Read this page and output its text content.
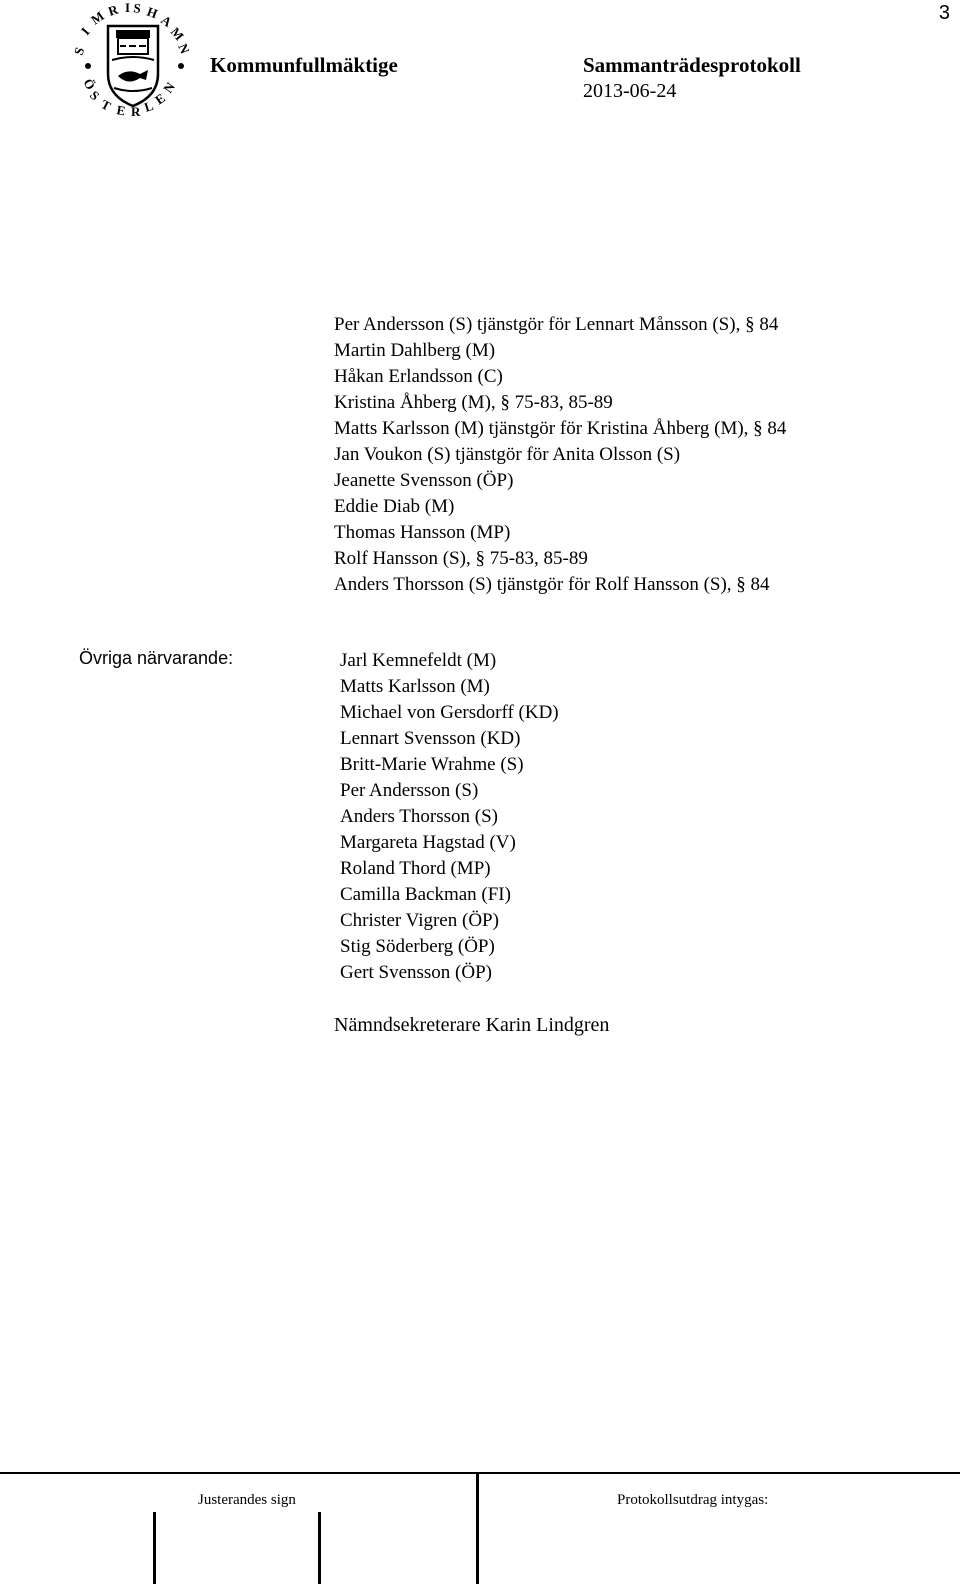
3
S
I
M R I S H
A
M
N
Ö
S
T E R L
E
N
Kommunfullmäktige	Sammanträdesprotokoll
2013-06-24
Per Andersson (S) tjänstgör för Lennart Månsson (S), § 84
Martin Dahlberg (M)
Håkan Erlandsson (C)
Kristina Åhberg (M), § 75-83, 85-89
Matts Karlsson (M) tjänstgör för Kristina Åhberg (M), § 84
Jan Voukon (S) tjänstgör för Anita Olsson (S)
Jeanette Svensson (ÖP)
Eddie Diab (M)
Thomas Hansson (MP)
Rolf Hansson (S), § 75-83, 85-89
Anders Thorsson (S) tjänstgör för Rolf Hansson (S), § 84
Övriga närvarande:	Jarl Kemnefeldt (M)
Matts Karlsson (M)
Michael von Gersdorff (KD)
Lennart Svensson (KD)
Britt-Marie Wrahme (S)
Per Andersson (S)
Anders Thorsson (S)
Margareta Hagstad (V)
Roland Thord (MP)
Camilla Backman (FI)
Christer Vigren (ÖP)
Stig Söderberg (ÖP)
Gert Svensson (ÖP)
Nämndsekreterare Karin Lindgren
Justerandes sign	Protokollsutdrag intygas:
